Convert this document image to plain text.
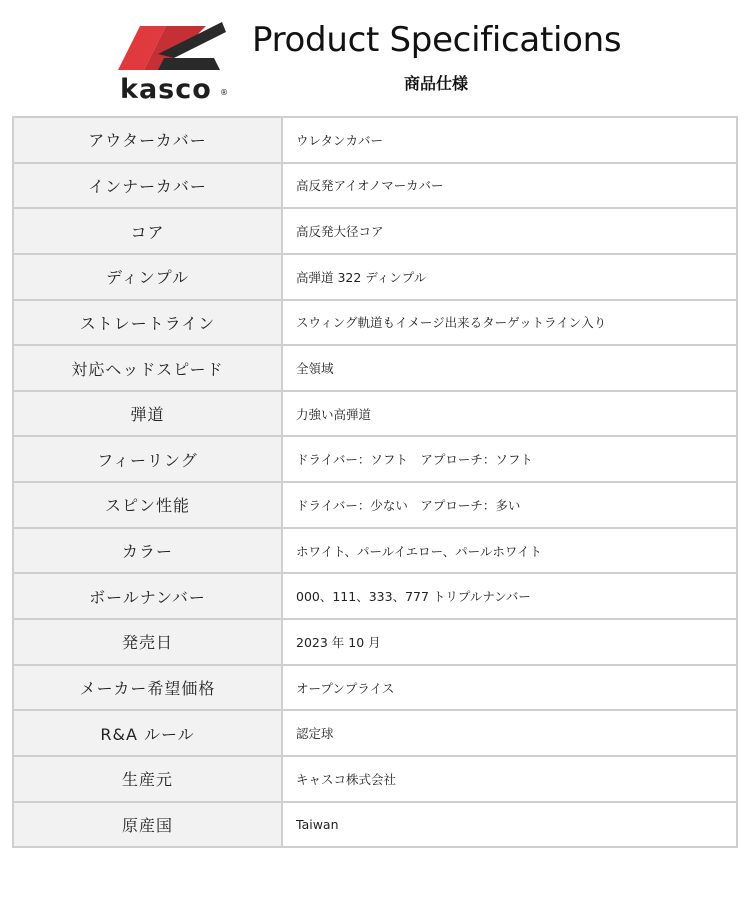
kasco ®
Product Specifications
商品仕様
アウターカバー	ウレタンカバー
インナーカバー	高反発アイオノマーカバー
コア	高反発大径コア
ディンプル	高弾道 322 ディンプル
ストレートライン	スウィング軌道もイメージ出来るターゲットライン入り
対応ヘッドスピード	全領域
弾道	力強い高弾道
フィーリング	ドライバー：ソフト　アプローチ：ソフト
スピン性能	ドライバー：少ない　アプローチ：多い
カラー	ホワイト、パールイエロー、パールホワイト
ボールナンバー	000、111、333、777 トリプルナンバー
発売日	2023 年 10 月
メーカー希望価格	オープンプライス
R&A ルール	認定球
生産元	キャスコ株式会社
原産国	Taiwan
